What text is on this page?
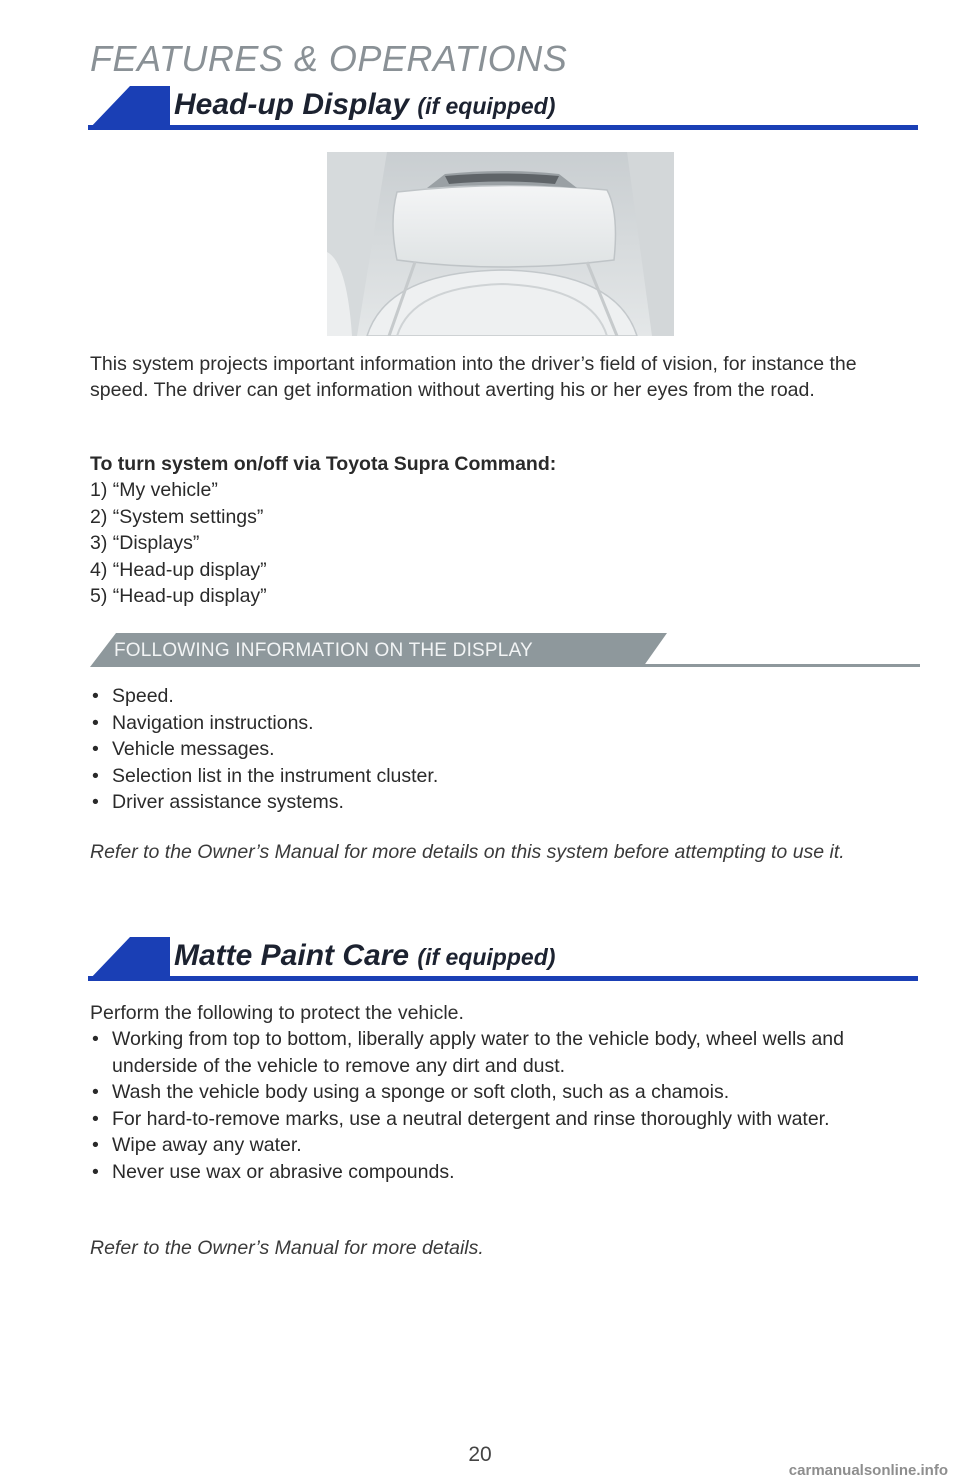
FEATURES & OPERATIONS
Head-up Display (if equipped)

This system projects important information into the driver’s field of vision, for instance the speed. The driver can get information without averting his or her eyes from the road.

To turn system on/off via Toyota Supra Command:
1) “My vehicle”
2) “System settings”
3) “Displays”
4) “Head-up display”
5) “Head-up display”
FOLLOWING INFORMATION ON THE DISPLAY
• Speed.
• Navigation instructions.
• Vehicle messages.
• Selection list in the instrument cluster.
• Driver assistance systems.

Refer to the Owner’s Manual for more details on this system before attempting to use it.

Matte Paint Care (if equipped)

Perform the following to protect the vehicle.

• Working from top to bottom, liberally apply water to the vehicle body, wheel wells and underside of the vehicle to remove any dirt and dust.
• Wash the vehicle body using a sponge or soft cloth, such as a chamois.
• For hard-to-remove marks, use a neutral detergent and rinse thoroughly with water.
• Wipe away any water.
• Never use wax or abrasive compounds.

Refer to the Owner’s Manual for more details.

20
carmanualsonline.info
